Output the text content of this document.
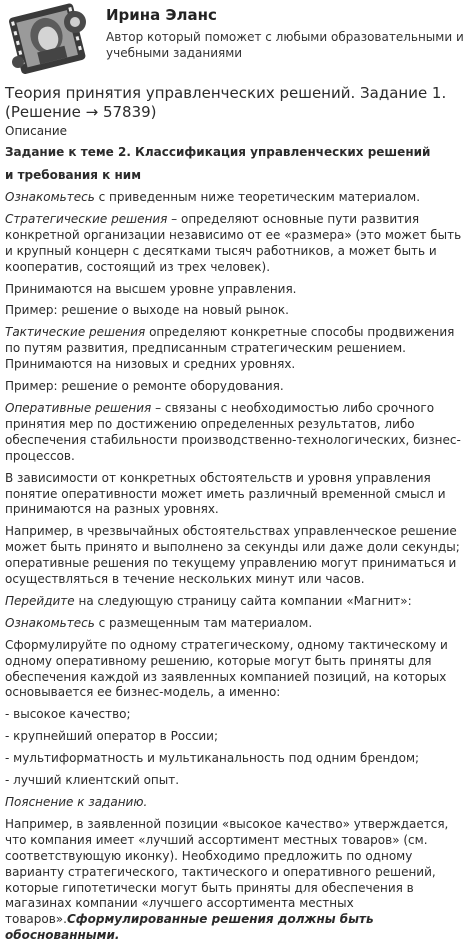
Ирина Эланс
Автор который поможет с любыми образовательными и учебными заданиями
Теория принятия управленческих решений. Задание 1. (Решение → 57839)
Описание
Задание к теме 2. Классификация управленческих решений
и требования к ним

Ознакомьтесь с приведенным ниже теоретическим материалом.

Стратегические решения – определяют основные пути развития конкретной организации независимо от ее «размера» (это может быть и крупный концерн с десятками тысяч работников, а может быть и кооператив, состоящий из трех человек).

Принимаются на высшем уровне управления.

Пример: решение о выходе на новый рынок.

Тактические решения определяют конкретные способы продвижения по путям развития, предписанным стратегическим решением. Принимаются на низовых и средних уровнях.

Пример: решение о ремонте оборудования.

Оперативные решения – связаны с необходимостью либо срочного принятия мер по достижению определенных результатов, либо обеспечения стабильности производственно-технологических, бизнес-процессов.

В зависимости от конкретных обстоятельств и уровня управления понятие оперативности может иметь различный временной смысл и принимаются на разных уровнях.

Например, в чрезвычайных обстоятельствах управленческое решение может быть принято и выполнено за секунды или даже доли секунды; оперативные решения по текущему управлению могут приниматься и осуществляться в течение нескольких минут или часов.

Перейдите на следующую страницу сайта компании «Магнит»:

Ознакомьтесь с размещенным там материалом.

Сформулируйте по одному стратегическому, одному тактическому и одному оперативному решению, которые могут быть приняты для обеспечения каждой из заявленных компанией позиций, на которых основывается ее бизнес-модель, а именно:

- высокое качество;

- крупнейший оператор в России;

- мультиформатность и мультиканальность под одним брендом;

- лучший клиентский опыт.

Пояснение к заданию.

Например, в заявленной позиции «высокое качество» утверждается, что компания имеет «лучший ассортимент местных товаров» (см. соответствующую иконку). Необходимо предложить по одному варианту стратегического, тактического и оперативного решений, которые гипотетически могут быть приняты для обеспечения в магазинах компании «лучшего ассортимента местных товаров».Сформулированные решения должны быть обоснованными.
